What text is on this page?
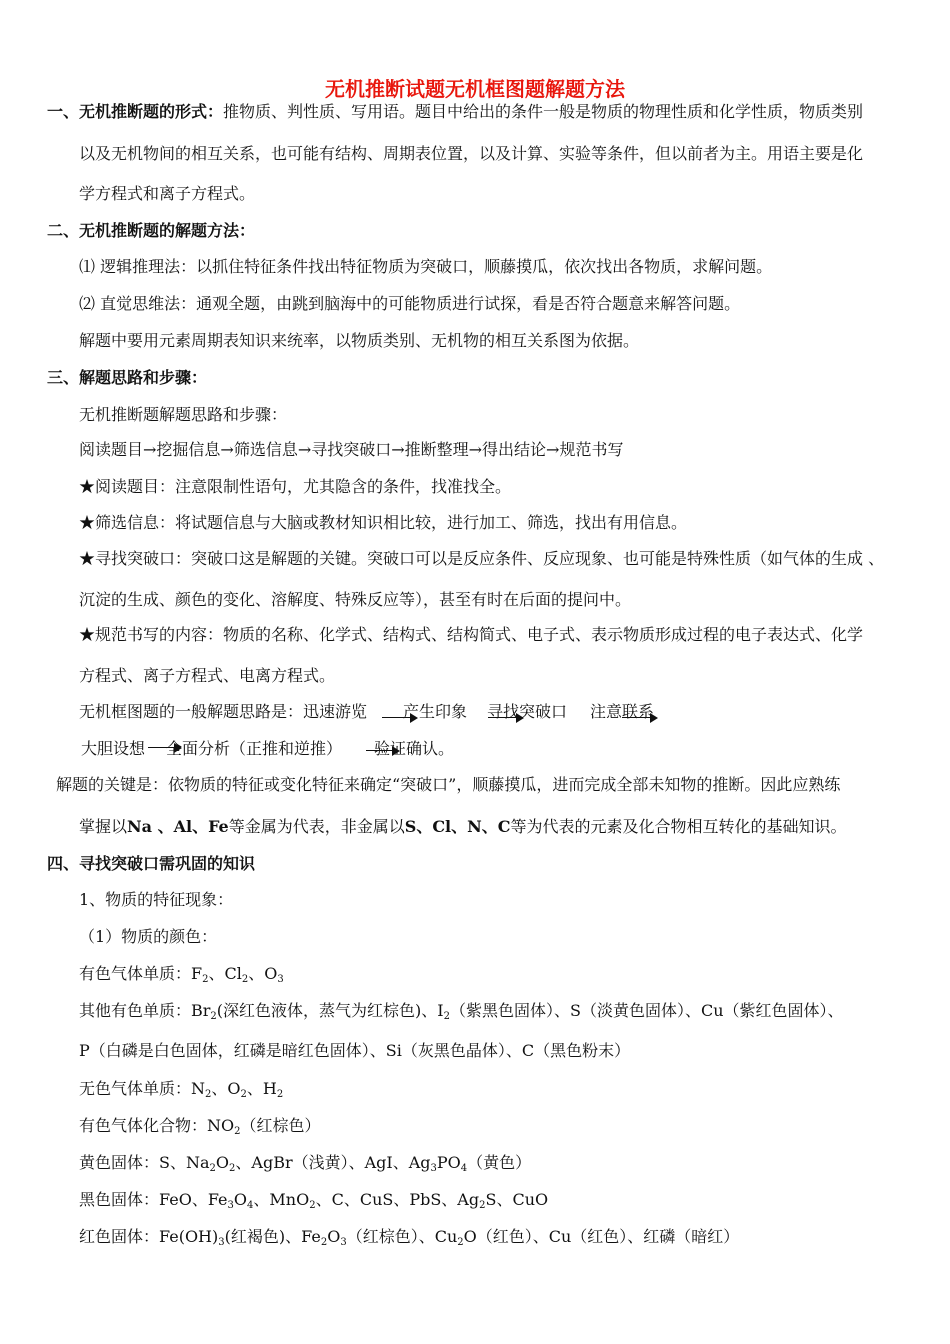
无机推断试题无机框图题解题方法
一、无机推断题的形式：推物质、判性质、写用语。题目中给出的条件一般是物质的物理性质和化学性质，物质类别
以及无机物间的相互关系，也可能有结构、周期表位置，以及计算、实验等条件，但以前者为主。用语主要是化
学方程式和离子方程式。
二、无机推断题的解题方法：
⑴ 逻辑推理法：以抓住特征条件找出特征物质为突破口，顺藤摸瓜，依次找出各物质，求解问题。
⑵ 直觉思维法：通观全题，由跳到脑海中的可能物质进行试探，看是否符合题意来解答问题。
解题中要用元素周期表知识来统率，以物质类别、无机物的相互关系图为依据。
三、解题思路和步骤：
无机推断题解题思路和步骤：
阅读题目→挖掘信息→筛选信息→寻找突破口→推断整理→得出结论→规范书写
★阅读题目：注意限制性语句，尤其隐含的条件，找准找全。
★筛选信息：将试题信息与大脑或教材知识相比较，进行加工、筛选，找出有用信息。
★寻找突破口：突破口这是解题的关键。突破口可以是反应条件、反应现象、也可能是特殊性质（如气体的生成 、
沉淀的生成、颜色的变化、溶解度、特殊反应等），甚至有时在后面的提问中。
★规范书写的内容：物质的名称、化学式、结构式、结构简式、电子式、表示物质形成过程的电子表达式、化学
方程式、离子方程式、电离方程式。
无机框图题的一般解题思路是：迅速游览 产生印象 寻找突破口 注意联系
大胆设想 全面分析（正推和逆推） 验证确认。
解题的关键是：依物质的特征或变化特征来确定“突破口”，顺藤摸瓜，进而完成全部未知物的推断。因此应熟练
掌握以Na 、Al、Fe等金属为代表，非金属以S、Cl、N、C等为代表的元素及化合物相互转化的基础知识。
四、寻找突破口需巩固的知识
1、物质的特征现象：
（1）物质的颜色：
有色气体单质：$F_2$、$Cl_2$、$O_3$
其他有色单质：$Br_2$(深红色液体，蒸气为红棕色)、$I_2$（紫黑色固体）、S（淡黄色固体）、Cu（紫红色固体）、
P（白磷是白色固体，红磷是暗红色固体）、Si（灰黑色晶体）、C（黑色粉末）
无色气体单质：$N_2$、$O_2$、$H_2$
有色气体化合物：$NO_2$（红棕色）
黄色固体：S、$Na_2O_2$、AgBr（浅黄）、AgI、$Ag_3PO_4$（黄色）
黑色固体：FeO、$Fe_3O_4$、MnO$_2$、C、CuS、PbS、$Ag_2S$、CuO
红色固体：$Fe(OH)_3$(红褐色)、$Fe_2O_3$（红棕色）、$Cu_2O$（红色）、Cu（红色）、红磷（暗红）
